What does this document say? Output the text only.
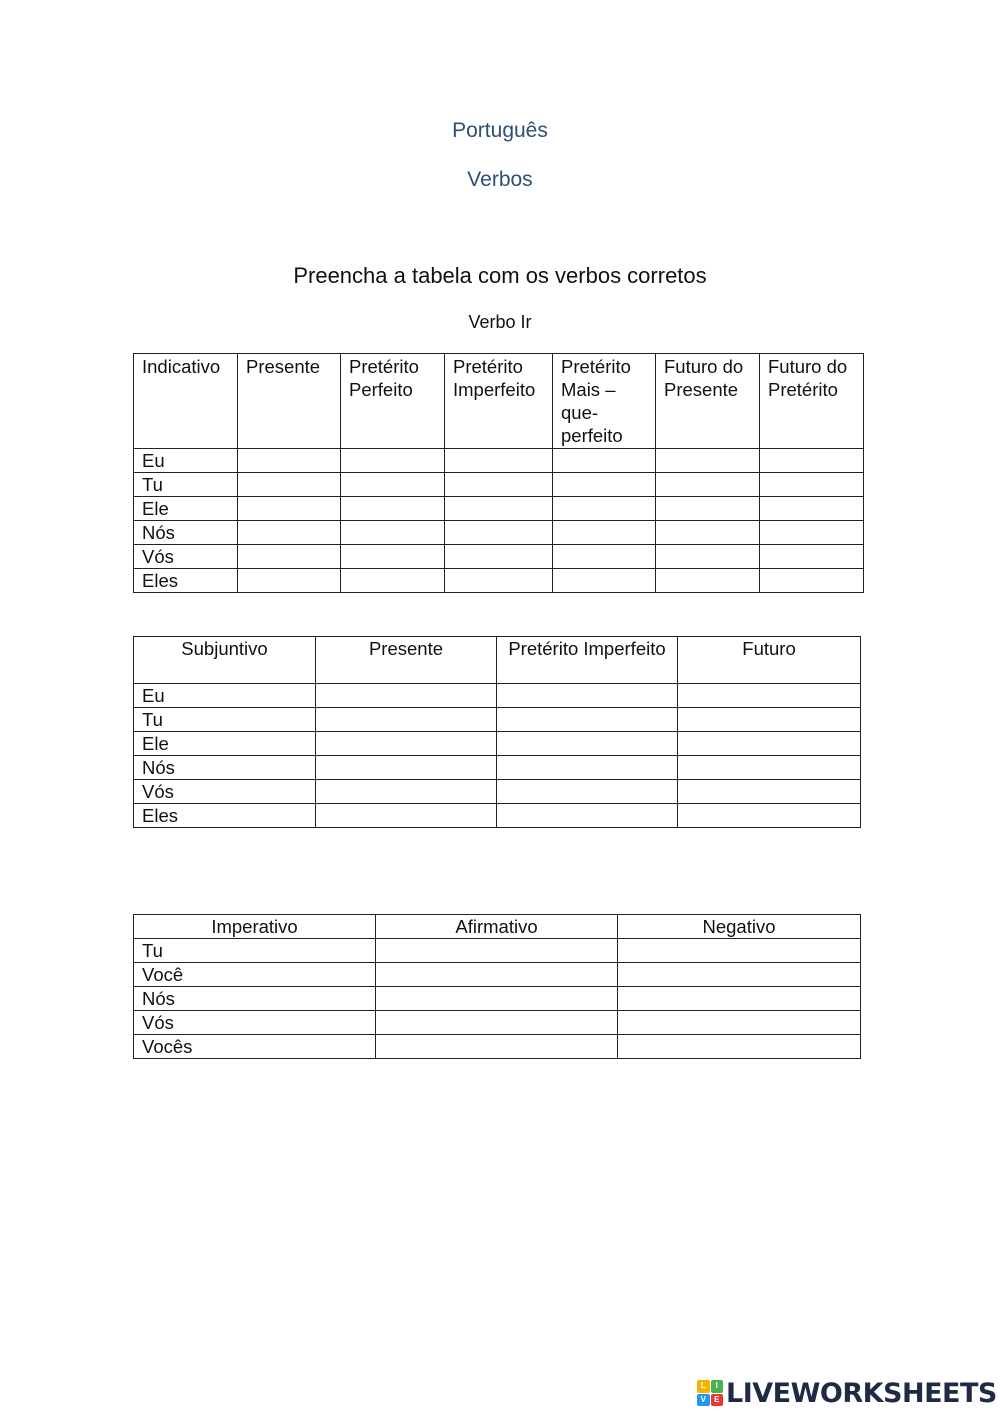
Português
Verbos
Preencha a tabela com os verbos corretos
Verbo Ir
Indicativo	Presente	Pretérito Perfeito	Pretérito Imperfeito	Pretérito Mais – que-perfeito	Futuro do Presente	Futuro do Pretérito
Eu						
Tu						
Ele						
Nós						
Vós						
Eles						
Subjuntivo	Presente	Pretérito Imperfeito	Futuro
Eu			
Tu			
Ele			
Nós			
Vós			
Eles			
Imperativo	Afirmativo	Negativo
Tu		
Você		
Nós		
Vós		
Vocês		
L	I
V	E LIVEWORKSHEETS
